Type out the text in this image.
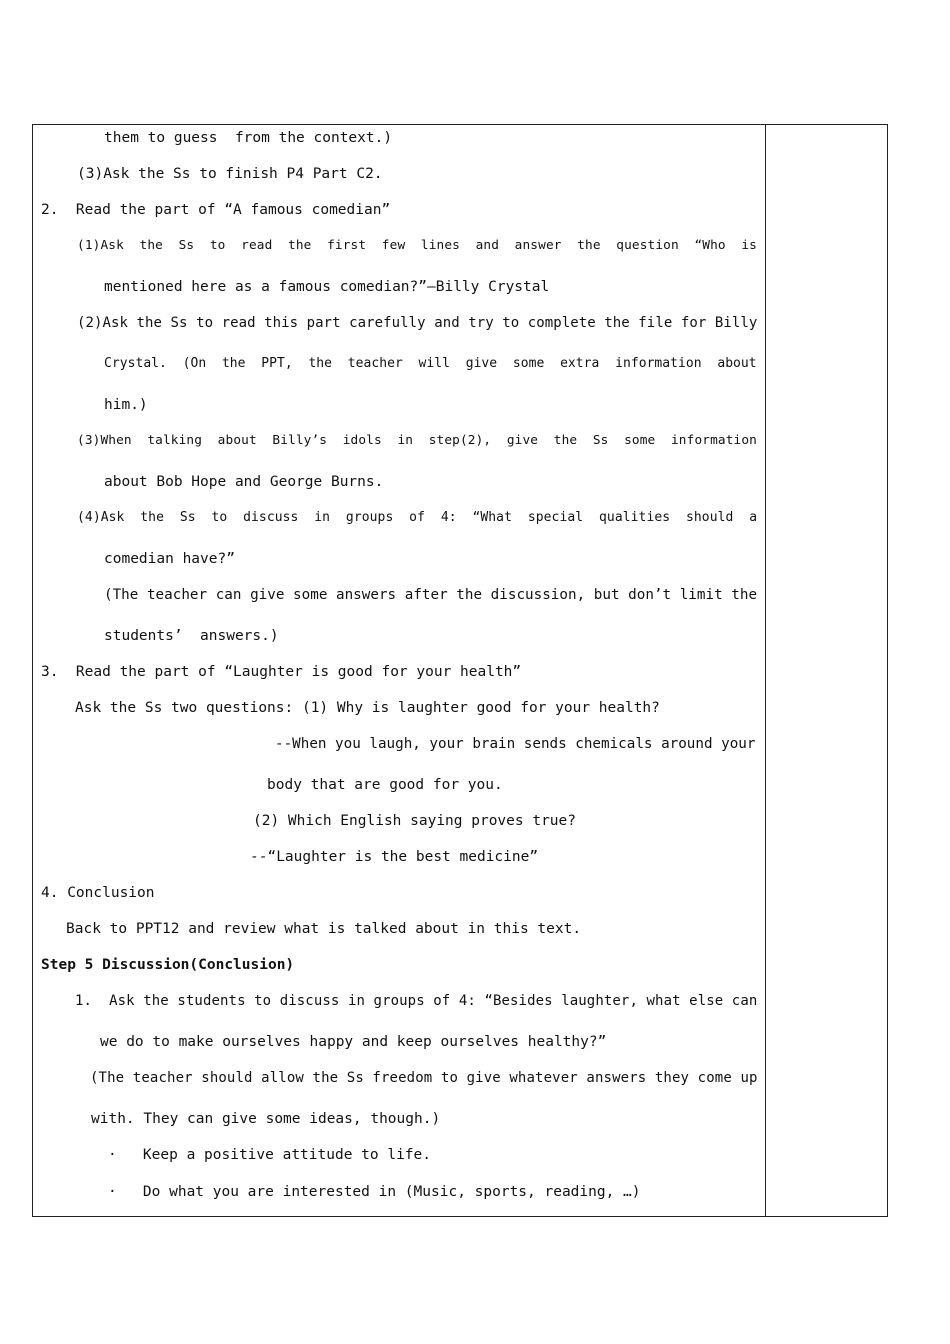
them to guess  from the context.)
(3)Ask the Ss to finish P4 Part C2.
2.  Read the part of “A famous comedian”
(1)Ask  the  Ss  to  read  the  first  few  lines  and  answer  the  question  “Who  is
mentioned here as a famous comedian?”—Billy Crystal
(2)Ask the Ss to read this part carefully and try to complete the file for Billy
Crystal.  (On  the  PPT,  the  teacher  will  give  some  extra  information  about
him.)
(3)When  talking  about  Billy’s  idols  in  step(2),  give  the  Ss  some  information
about Bob Hope and George Burns.
(4)Ask  the  Ss  to  discuss  in  groups  of  4:  “What  special  qualities  should  a
comedian have?”
(The teacher can give some answers after the discussion, but don’t limit the
students’  answers.)
3.  Read the part of “Laughter is good for your health”
Ask the Ss two questions: (1) Why is laughter good for your health?
--When you laugh, your brain sends chemicals around your
body that are good for you.
(2) Which English saying proves true?
--“Laughter is the best medicine”
4. Conclusion
Back to PPT12 and review what is talked about in this text.
Step 5 Discussion(Conclusion)
1.  Ask the students to discuss in groups of 4: “Besides laughter, what else can
we do to make ourselves happy and keep ourselves healthy?”
(The teacher should allow the Ss freedom to give whatever answers they come up
with. They can give some ideas, though.)
·   Keep a positive attitude to life.
·   Do what you are interested in (Music, sports, reading, …)
